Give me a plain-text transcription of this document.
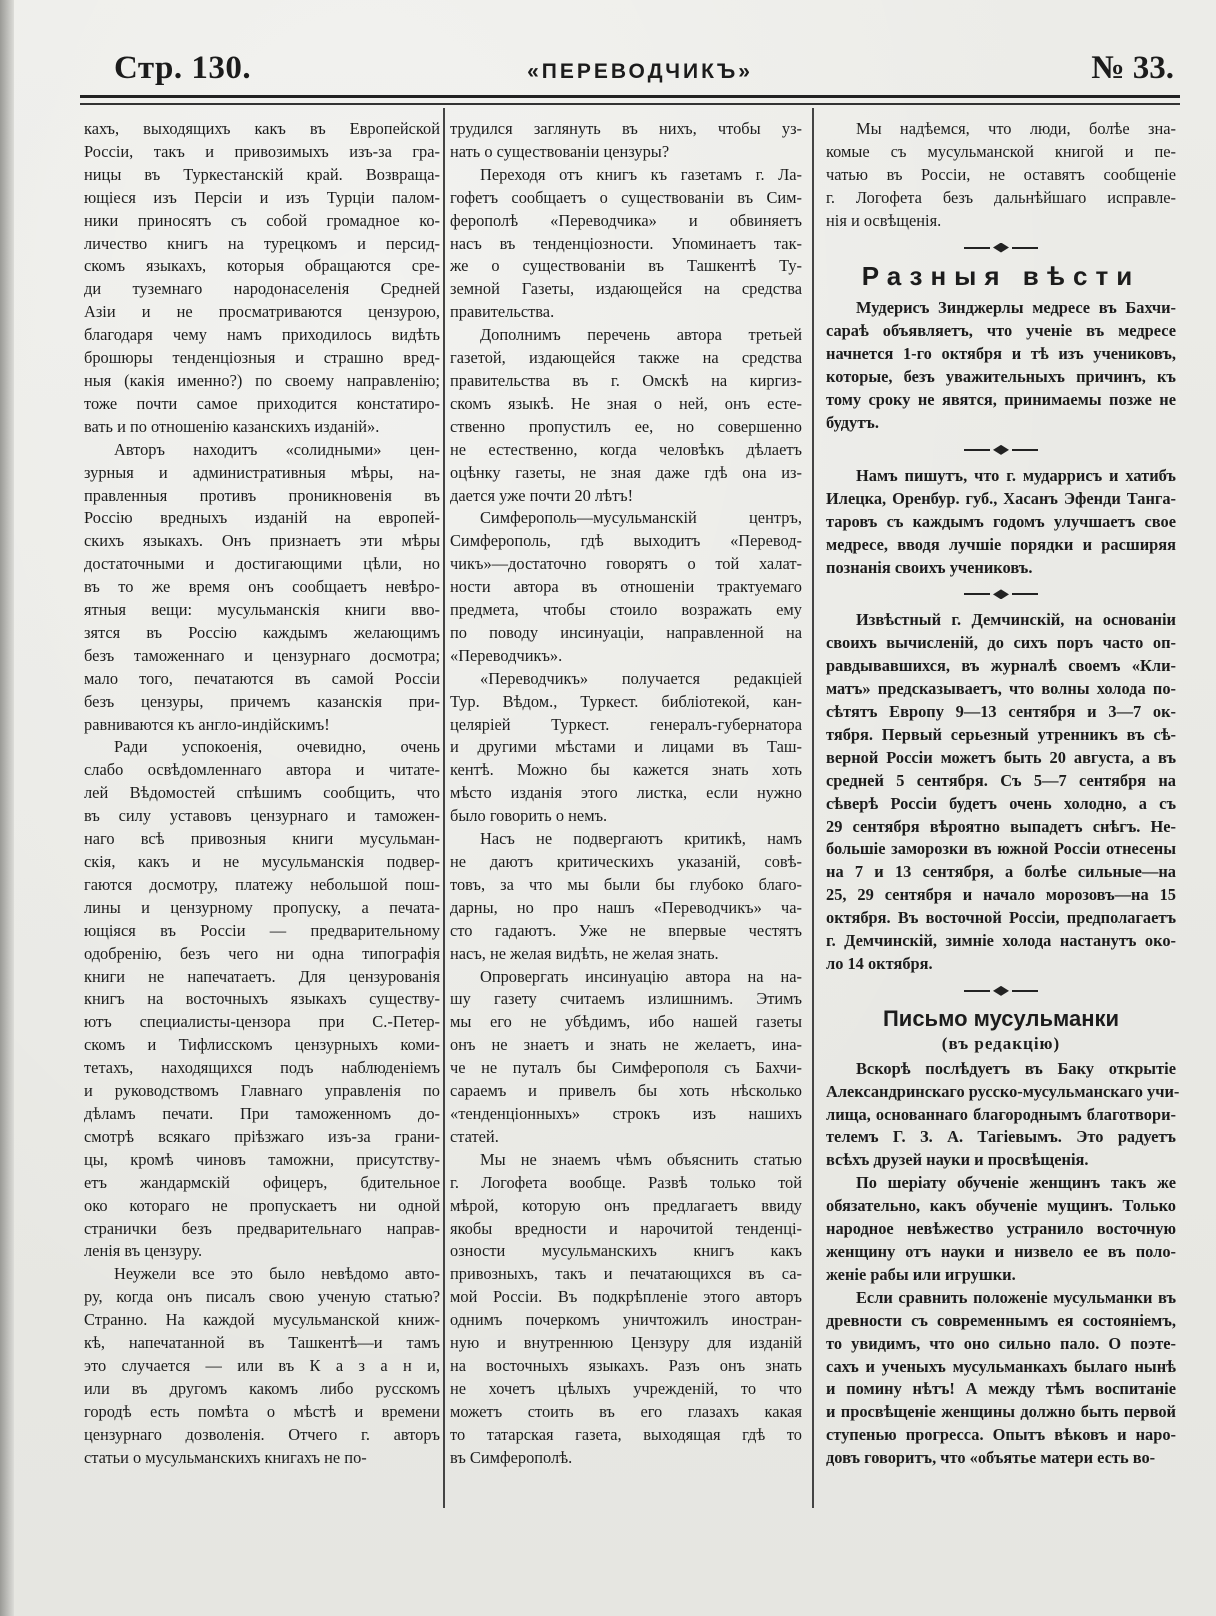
Стр. 130.	«ПЕРЕВОДЧИКЪ»	№ 33.

кахъ, выходящихъ какъ въ Европейской
Россіи, такъ и привозимыхъ изъ-за гра-
ницы въ Туркестанскій край. Возвраща-
ющіеся изъ Персіи и изъ Турціи палом-
ники приносятъ съ собой громадное ко-
личество книгъ на турецкомъ и персид-
скомъ языкахъ, которыя обращаются сре-
ди туземнаго народонаселенія Средней
Азіи и не просматриваются цензурою,
благодаря чему намъ приходилось видѣть
брошюры тенденціозныя и страшно вред-
ныя (какія именно?) по своему направленію;
тоже почти самое приходится констатиро-
вать и по отношенію казанскихъ изданій».

Авторъ находитъ «солидными» цен-
зурныя и административныя мѣры, на-
правленныя противъ проникновенія въ
Россію вредныхъ изданій на европей-
скихъ языкахъ. Онъ признаетъ эти мѣры
достаточными и достигающими цѣли, но
въ то же время онъ сообщаетъ невѣро-
ятныя вещи: мусульманскія книги вво-
зятся въ Россію каждымъ желающимъ
безъ таможеннаго и цензурнаго досмотра;
мало того, печатаются въ самой Россіи
безъ цензуры, причемъ казанскія при-
равниваются къ англо-индійскимъ!

Ради успокоенія, очевидно, очень
слабо освѣдомленнаго автора и читате-
лей Вѣдомостей спѣшимъ сообщить, что
въ силу уставовъ цензурнаго и таможен-
наго всѣ привозныя книги мусульман-
скія, какъ и не мусульманскія подвер-
гаются досмотру, платежу небольшой пош-
лины и цензурному пропуску, а печата-
ющіяся въ Россіи — предварительному
одобренію, безъ чего ни одна типографія
книги не напечатаетъ. Для цензурованія
книгъ на восточныхъ языкахъ существу-
ютъ специалисты-цензора при С.-Петер-
скомъ и Тифлисскомъ цензурныхъ коми-
тетахъ, находящихся подъ наблюденіемъ
и руководствомъ Главнаго управленія по
дѣламъ печати. При таможенномъ до-
смотрѣ всякаго пріѣзжаго изъ-за грани-
цы, кромѣ чиновъ таможни, присутству-
етъ жандармскій офицеръ, бдительное
око котораго не пропускаетъ ни одной
странички безъ предварительнаго направ-
ленія въ цензуру.

Неужели все это было невѣдомо авто-
ру, когда онъ писалъ свою ученую статью?
Странно. На каждой мусульманской книж-
кѣ, напечатанной въ Ташкентѣ—и тамъ
это случается — или въ К а з а н и,
или въ другомъ какомъ либо русскомъ
городѣ есть помѣта о мѣстѣ и времени
цензурнаго дозволенія. Отчего г. авторъ
статьи о мусульманскихъ книгахъ не по-

трудился заглянуть въ нихъ, чтобы уз-
нать о существованіи цензуры?

Переходя отъ книгъ къ газетамъ г. Ла-
гофетъ сообщаетъ о существованіи въ Сим-
ферополѣ «Переводчика» и обвиняетъ
насъ въ тенденціозности. Упоминаетъ так-
же о существованіи въ Ташкентѣ Ту-
земной Газеты, издающейся на средства
правительства.

Дополнимъ перечень автора третьей
газетой, издающейся также на средства
правительства въ г. Омскѣ на киргиз-
скомъ языкѣ. Не зная о ней, онъ есте-
ственно пропустилъ ее, но совершенно
не естественно, когда человѣкъ дѣлаетъ
оцѣнку газеты, не зная даже гдѣ она из-
дается уже почти 20 лѣтъ!

Симферополь—мусульманскій центръ,
Симферополь, гдѣ выходитъ «Перевод-
чикъ»—достаточно говорятъ о той халат-
ности автора въ отношеніи трактуемаго
предмета, чтобы стоило возражать ему
по поводу инсинуаціи, направленной на
«Переводчикъ».

«Переводчикъ» получается редакціей
Тур. Вѣдом., Туркест. библіотекой, кан-
целяріей Туркест. генералъ-губернатора
и другими мѣстами и лицами въ Таш-
кентѣ. Можно бы кажется знать хоть
мѣсто изданія этого листка, если нужно
было говорить о немъ.

Насъ не подвергаютъ критикѣ, намъ
не даютъ критическихъ указаній, совѣ-
товъ, за что мы были бы глубоко благо-
дарны, но про нашъ «Переводчикъ» ча-
сто гадаютъ. Уже не впервые честятъ
насъ, не желая видѣть, не желая знать.

Опровергать инсинуацію автора на на-
шу газету считаемъ излишнимъ. Этимъ
мы его не убѣдимъ, ибо нашей газеты
онъ не знаетъ и знать не желаетъ, ина-
че не путалъ бы Симферополя съ Бахчи-
сараемъ и привелъ бы хоть нѣсколько
«тенденціонныхъ» строкъ изъ нашихъ
статей.

Мы не знаемъ чѣмъ объяснить статью
г. Логофета вообще. Развѣ только той
мѣрой, которую онъ предлагаетъ ввиду
якобы вредности и нарочитой тенденці-
озности мусульманскихъ книгъ какъ
привозныхъ, такъ и печатающихся въ са-
мой Россіи. Въ подкрѣпленіе этого авторъ
однимъ почеркомъ уничтожилъ иностран-
ную и внутреннюю Цензуру для изданій
на восточныхъ языкахъ. Разъ онъ знать
не хочетъ цѣлыхъ учрежденій, то что
можетъ стоить въ его глазахъ какая
то татарская газета, выходящая гдѣ то
въ Симферополѣ.

Мы надѣемся, что люди, болѣе зна-
комые съ мусульманской книгой и пе-
чатью въ Россіи, не оставятъ сообщеніе
г. Логофета безъ дальнѣйшаго исправле-
нія и освѣщенія.

Разныя вѣсти

Мудерисъ Зинджерлы медресе въ Бахчи-
сараѣ объявляетъ, что ученіе въ медресе
начнется 1-го октября и тѣ изъ учениковъ,
которые, безъ уважительныхъ причинъ, къ
тому сроку не явятся, принимаемы позже не
будутъ.

Намъ пишутъ, что г. мударрисъ и хатибъ
Илецка, Оренбур. губ., Хасанъ Эфенди Танга-
таровъ съ каждымъ годомъ улучшаетъ свое
медресе, вводя лучшіе порядки и расширяя
познанія своихъ учениковъ.

Извѣстный г. Демчинскій, на основаніи
своихъ вычисленій, до сихъ поръ часто оп-
равдывавшихся, въ журналѣ своемъ «Кли-
матъ» предсказываетъ, что волны холода по-
сѣтятъ Европу 9—13 сентября и 3—7 ок-
тября. Первый серьезный утренникъ въ сѣ-
верной Россіи можетъ быть 20 августа, а въ
средней 5 сентября. Съ 5—7 сентября на
сѣверѣ Россіи будетъ очень холодно, а съ
29 сентября вѣроятно выпадетъ снѣгъ. Не-
большіе заморозки въ южной Россіи отнесены
на 7 и 13 сентября, а болѣе сильные—на
25, 29 сентября и начало морозовъ—на 15
октября. Въ восточной Россіи, предполагаетъ
г. Демчинскій, зимніе холода настанутъ око-
ло 14 октября.

Письмо мусульманки
(въ редакцію)

Вскорѣ послѣдуетъ въ Баку открытіе
Александринскаго русско-мусульманскаго учи-
лища, основаннаго благороднымъ благотвори-
телемъ Г. З. А. Тагіевымъ. Это радуетъ
всѣхъ друзей науки и просвѣщенія.

По шеріату обученіе женщинъ такъ же
обязательно, какъ обученіе мущинъ. Только
народное невѣжество устранило восточную
женщину отъ науки и низвело ее въ поло-
женіе рабы или игрушки.

Если сравнить положеніе мусульманки въ
древности съ современнымъ ея состояніемъ,
то увидимъ, что оно сильно пало. О поэте-
сахъ и ученыхъ мусульманкахъ былаго нынѣ
и помину нѣтъ! А между тѣмъ воспитаніе
и просвѣщеніе женщины должно быть первой
ступенью прогресса. Опытъ вѣковъ и наро-
довъ говоритъ, что «объятье матери есть во-
